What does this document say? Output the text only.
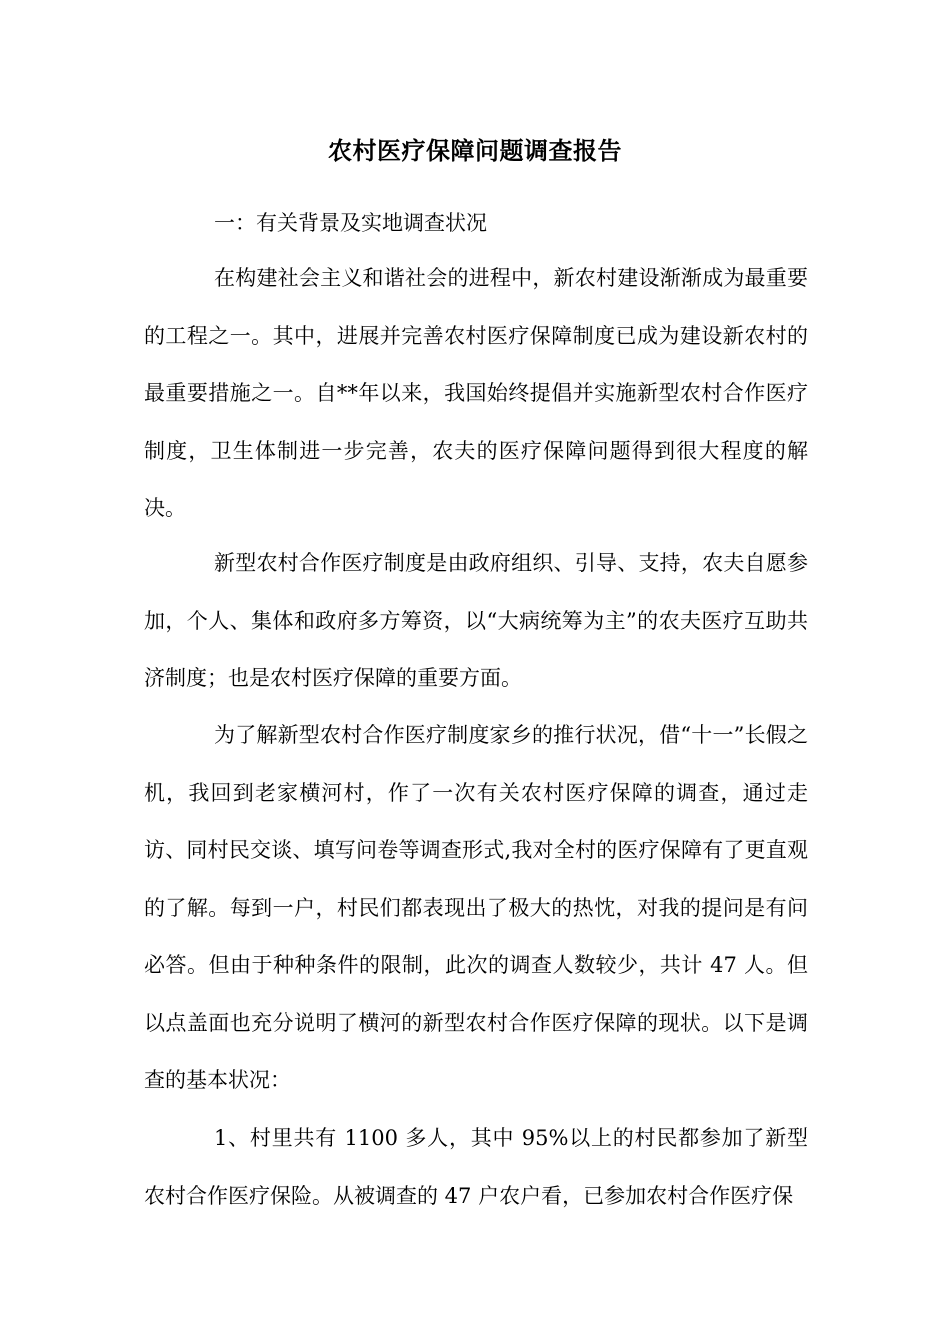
农村医疗保障问题调查报告
一：有关背景及实地调查状况

在构建社会主义和谐社会的进程中，新农村建设渐渐成为最重要的工程之一。其中，进展并完善农村医疗保障制度已成为建设新农村的最重要措施之一。自**年以来，我国始终提倡并实施新型农村合作医疗制度，卫生体制进一步完善，农夫的医疗保障问题得到很大程度的解决。

新型农村合作医疗制度是由政府组织、引导、支持，农夫自愿参加，个人、集体和政府多方筹资，以“大病统筹为主”的农夫医疗互助共济制度；也是农村医疗保障的重要方面。

为了解新型农村合作医疗制度家乡的推行状况，借“十一”长假之机，我回到老家横河村，作了一次有关农村医疗保障的调查，通过走访、同村民交谈、填写问卷等调查形式,我对全村的医疗保障有了更直观的了解。每到一户，村民们都表现出了极大的热忱，对我的提问是有问必答。但由于种种条件的限制，此次的调查人数较少，共计 47 人。但以点盖面也充分说明了横河的新型农村合作医疗保障的现状。以下是调查的基本状况：

1、村里共有 1100 多人，其中 95%以上的村民都参加了新型农村合作医疗保险。从被调查的 47 户农户看，已参加农村合作医疗保
